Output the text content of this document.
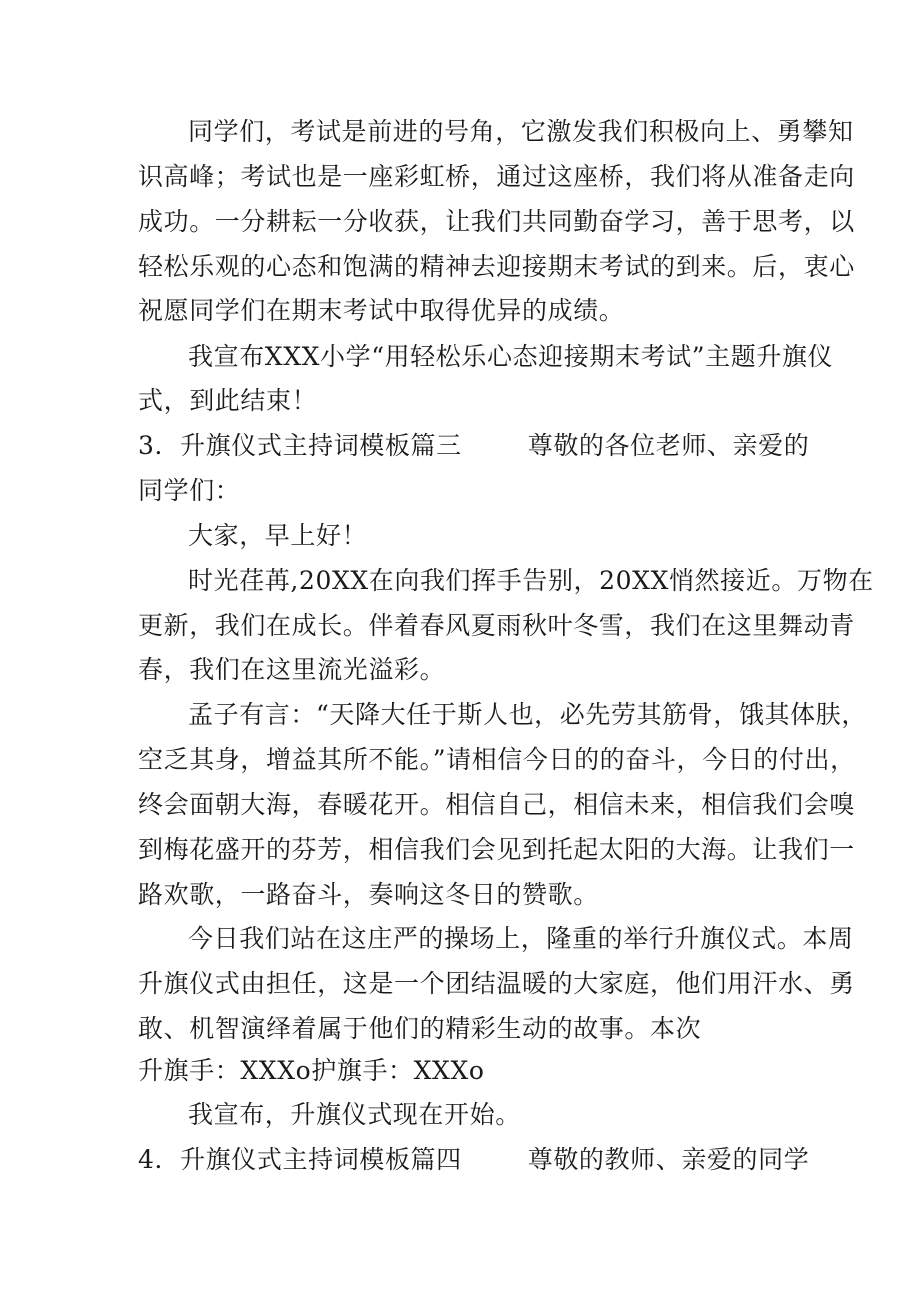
同学们，考试是前进的号角，它激发我们积极向上、勇攀知
识高峰；考试也是一座彩虹桥，通过这座桥，我们将从准备走向
成功。一分耕耘一分收获，让我们共同勤奋学习，善于思考，以
轻松乐观的心态和饱满的精神去迎接期末考试的到来。后，衷心
祝愿同学们在期末考试中取得优异的成绩。
我宣布XXX小学“用轻松乐心态迎接期末考试”主题升旗仪
式，到此结束！
3．升旗仪式主持词模板篇三	尊敬的各位老师、亲爱的
同学们：
大家，早上好！
时光荏苒,20XX在向我们挥手告别，20XX悄然接近。万物在
更新，我们在成长。伴着春风夏雨秋叶冬雪，我们在这里舞动青
春，我们在这里流光溢彩。
孟子有言：“天降大任于斯人也，必先劳其筋骨，饿其体肤，
空乏其身，增益其所不能。”请相信今日的的奋斗，今日的付出，
终会面朝大海，春暖花开。相信自己，相信未来，相信我们会嗅
到梅花盛开的芬芳，相信我们会见到托起太阳的大海。让我们一
路欢歌，一路奋斗，奏响这冬日的赞歌。
今日我们站在这庄严的操场上，隆重的举行升旗仪式。本周
升旗仪式由担任，这是一个团结温暖的大家庭，他们用汗水、勇
敢、机智演绎着属于他们的精彩生动的故事。本次
升旗手：XXXo护旗手：XXXo
我宣布，升旗仪式现在开始。
4．升旗仪式主持词模板篇四	尊敬的教师、亲爱的同学
